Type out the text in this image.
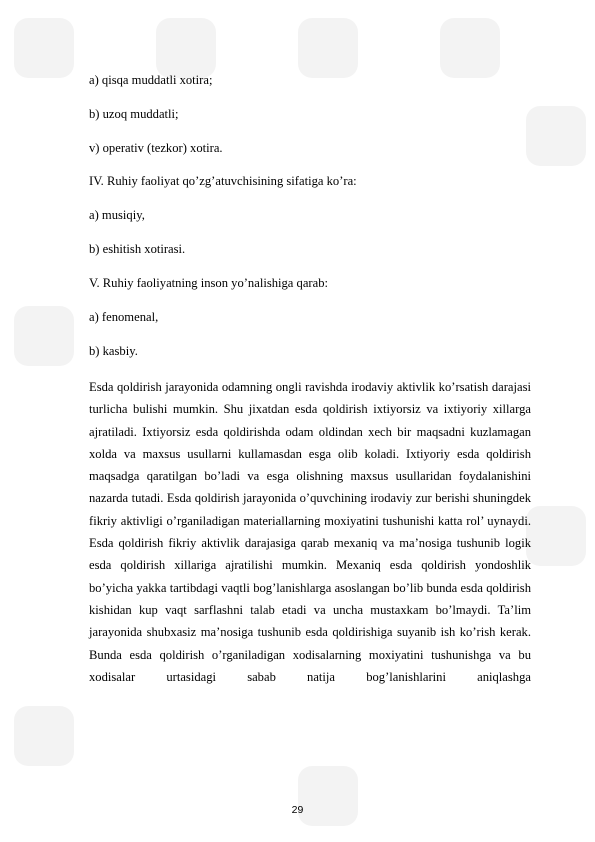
a) qisqa muddatli xotira;
b) uzoq muddatli;
v) operativ (tezkor) xotira.
IV. Ruhiy faoliyat qo’zg’atuvchisining sifatiga ko’ra:
a) musiqiy,
b) eshitish xotirasi.
V. Ruhiy faoliyatning inson yo’nalishiga qarab:
a) fenomenal,
b) kasbiy.
Esda qoldirish jarayonida odamning ongli ravishda irodaviy aktivlik ko’rsatish darajasi turlicha bulishi mumkin. Shu jixatdan esda qoldirish ixtiyorsiz va ixtiyoriy xillarga ajratiladi. Ixtiyorsiz esda qoldirishda odam oldindan xech bir maqsadni kuzlamagan xolda va maxsus usullarni kullamasdan esga olib koladi. Ixtiyoriy esda qoldirish maqsadga qaratilgan bo’ladi va esga olishning maxsus usullaridan foydalanishini nazarda tutadi. Esda qoldirish jarayonida o’quvchining irodaviy zur berishi shuningdek fikriy aktivligi o’rganiladigan materiallarning moxiyatini tushunishi katta rol’ uynaydi. Esda qoldirish fikriy aktivlik darajasiga qarab mexaniq va ma’nosiga tushunib logik esda qoldirish xillariga ajratilishi mumkin. Mexaniq esda qoldirish yondoshlik bo’yicha yakka tartibdagi vaqtli bog’lanishlarga asoslangan bo’lib bunda esda qoldirish kishidan kup vaqt sarflashni talab etadi va uncha mustaxkam bo’lmaydi. Ta’lim jarayonida shubxasiz ma’nosiga tushunib esda qoldirishiga suyanib ish ko’rish kerak. Bunda esda qoldirish o’rganiladigan xodisalarning moxiyatini tushunishga va bu xodisalar urtasidagi sabab natija bog’lanishlarini aniqlashga
29
